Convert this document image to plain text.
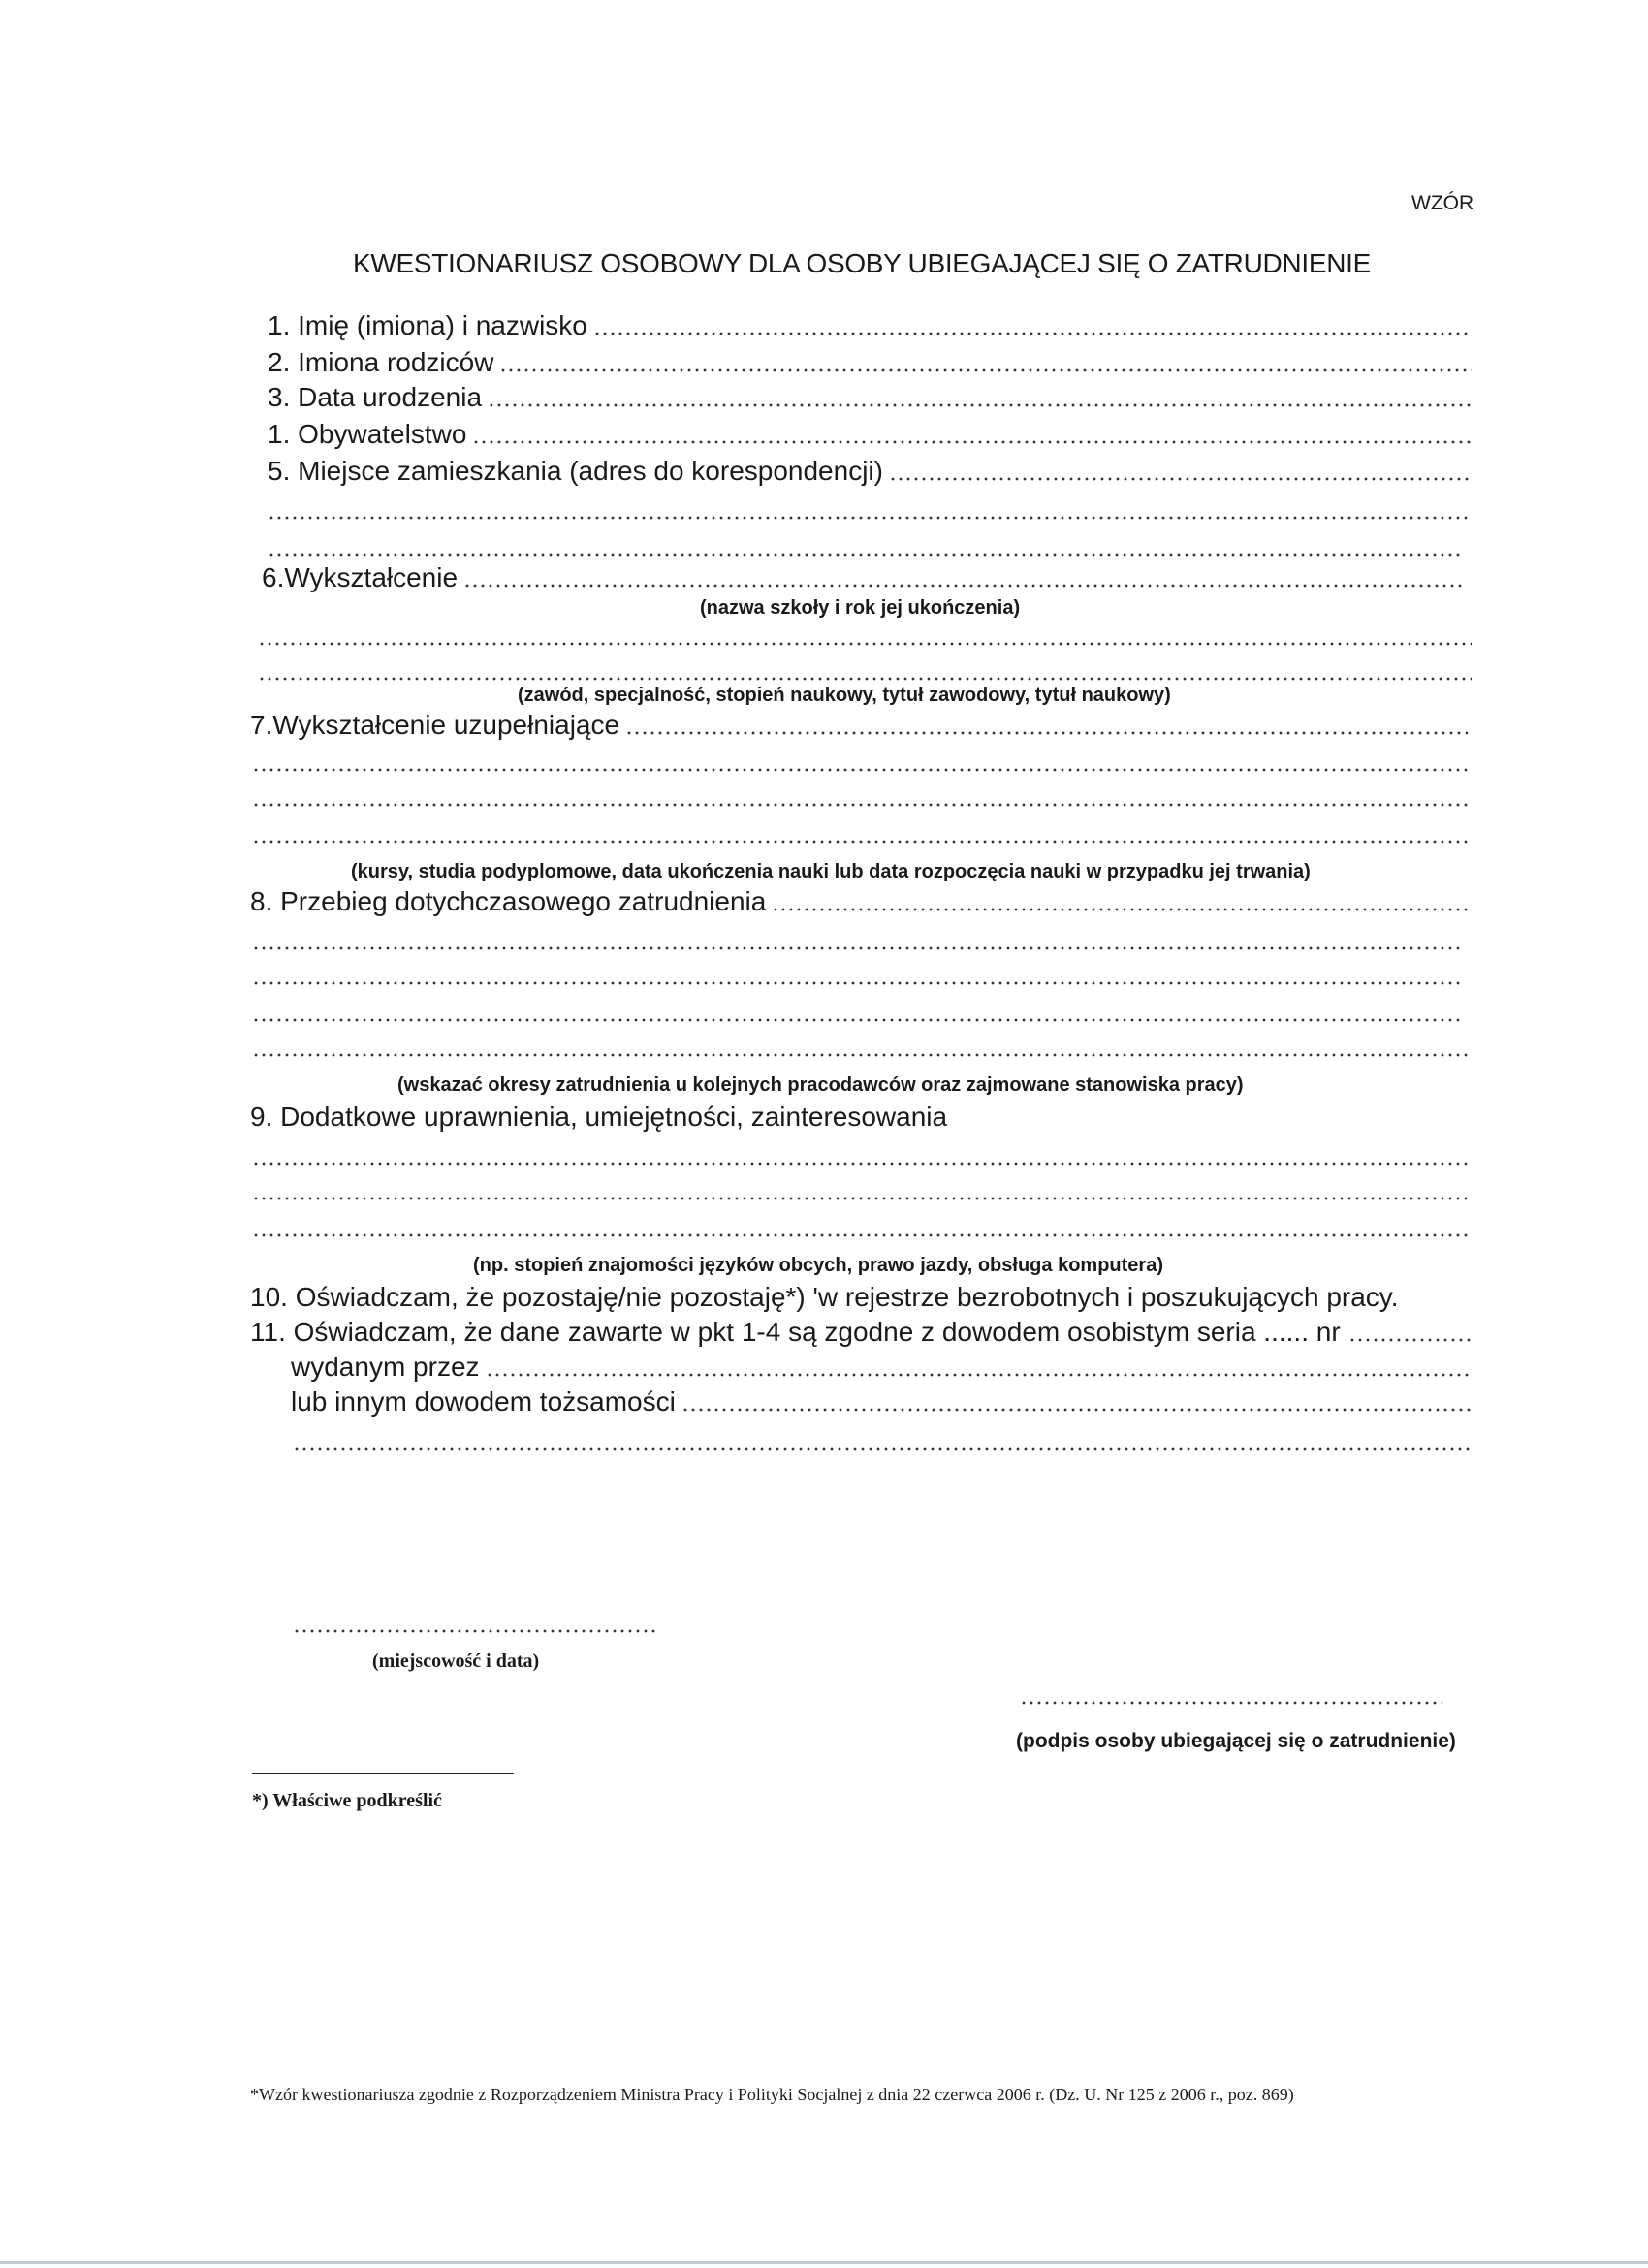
WZÓR
KWESTIONARIUSZ OSOBOWY DLA OSOBY UBIEGAJĄCEJ SIĘ O ZATRUDNIENIE
1. Imię (imiona) i nazwisko
2. Imiona rodziców
3. Data urodzenia
1. Obywatelstwo
5. Miejsce zamieszkania (adres do korespondencji)
6.Wykształcenie
(nazwa szkoły i rok jej ukończenia)
(zawód, specjalność, stopień naukowy, tytuł zawodowy, tytuł naukowy)
7.Wykształcenie uzupełniające
(kursy, studia podyplomowe, data ukończenia nauki lub data rozpoczęcia nauki w przypadku jej trwania)
8. Przebieg dotychczasowego zatrudnienia
(wskazać okresy zatrudnienia u kolejnych pracodawców oraz zajmowane stanowiska pracy)
9. Dodatkowe uprawnienia, umiejętności, zainteresowania
(np. stopień znajomości języków obcych, prawo jazdy, obsługa komputera)
10. Oświadczam, że pozostaję/nie pozostaję*) 'w rejestrze bezrobotnych i poszukujących pracy.
11. Oświadczam, że dane zawarte w pkt 1-4 są zgodne z dowodem osobistym seria ...... nr
wydanym przez
lub innym dowodem tożsamości
(miejscowość i data)
(podpis osoby ubiegającej się o zatrudnienie)
*) Właściwe podkreślić
*Wzór kwestionariusza zgodnie z Rozporządzeniem Ministra Pracy i Polityki Socjalnej z dnia 22 czerwca 2006 r. (Dz. U. Nr 125 z 2006 r., poz. 869)
